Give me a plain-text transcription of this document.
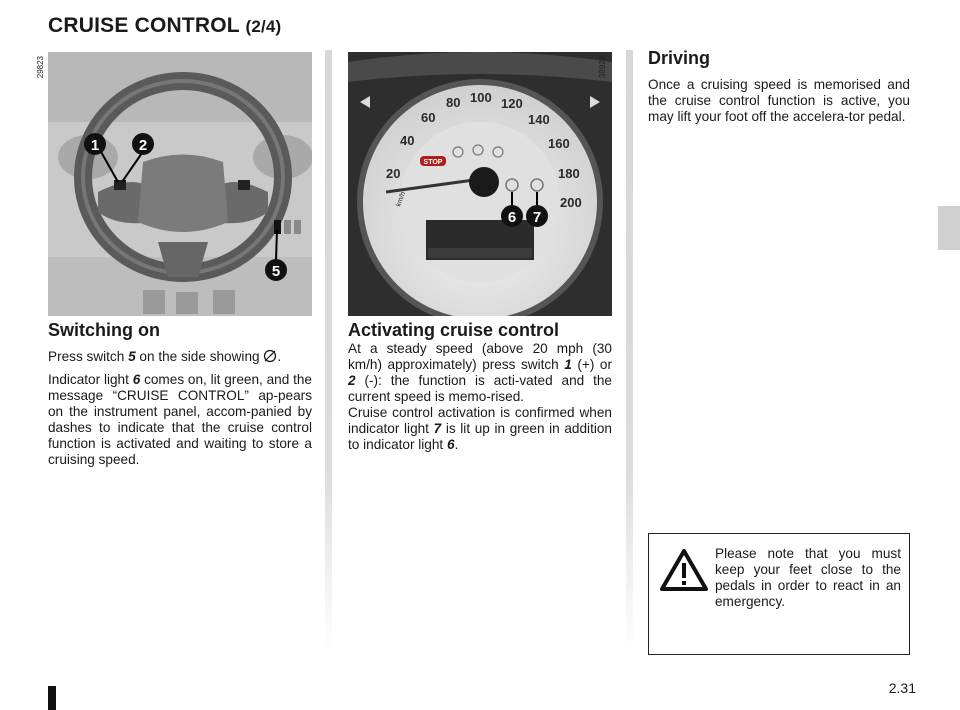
CRUISE CONTROL (2/4)
1	2
5
29823
STOP
km/h
20
40
60
80 100 120
140
160
180
200
6 7
38928
Switching on

Press switch 5 on the side showing .

Indicator light 6 comes on, lit green, and the message “CRUISE CONTROL” ap-pears on the instrument panel, accom-panied by dashes to indicate that the cruise control function is activated and waiting to store a cruising speed.

Activating cruise control

At a steady speed (above 20 mph (30 km/h) approximately) press switch 1 (+) or 2 (-): the function is acti-vated and the current speed is memo-rised.

Cruise control activation is confirmed when indicator light 7 is lit up in green in addition to indicator light 6.

Driving

Once a cruising speed is memorised and the cruise control function is active, you may lift your foot off the accelera-tor pedal.

Please note that you must keep your feet close to the pedals in order to react in an emergency.
2.31
